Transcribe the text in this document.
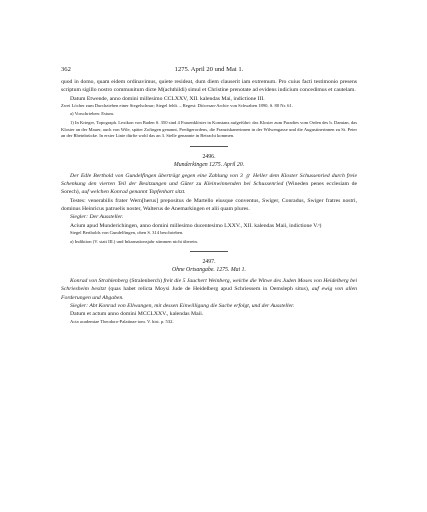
362	1275. April 20 und Mai 1.

quod in domo, quam eidem ordinavimus, quiete resideat, dum diem clauserit iam extremum. Pro cuius facti testimonio presens scriptum sigillo nostro communitum dicte M(achthildi) simul et Christine prenotate ad evidens indicium concedimus et cautelam.

Datum Etwende, anno domini millesimo CCLXXV, XII. kalendas Mai, indictione III.

Zwei Löcher zum Durchziehen einer Siegelschnur; Siegel fehlt. – Regest: Diöcesan-Archiv von Schwaben 1890, S. 80 Nr. 61.

a) Vorschrieben: Estum.

1) In Krieger, Topograph. Lexikon von Baden S. 350 sind 4 Frauenklöster in Konstanz aufgeführt: das Kloster zum Paradies vom Orden des h. Damian, das Kloster an der Mauer, auch von Wile, später Zofingen genannt, Predigerordens, die Franziskanerinnen in der Wilwengasse und die Augustinerinnen zu St. Peter an der Rheinbrücke. In erster Linie dürfte wohl das an 3. Stelle genannte in Betracht kommen.

2496.

Munderkingen 1275. April 20.

Der Edle Berthold von Gundelfingen überträgt gegen eine Zahlung von 3 ℊ Heller dem Kloster Schussenried durch freie Schenkung den vierten Teil der Besitzungen und Güter zu Kleinwinnenden bei Schussenried (Wineden penes ecclesiam de Sorech), auf welchen Konrad genannt Topfenhart sitzt.

Testes: venerabilis frater Wern[herus] prepositus de Martello eiusque conventus, Swiger, Conradus, Swiger fratres nostri, dominus Heinricus patruelis noster, Walterus de Anemarkingen et alii quam plures.

Siegler: Der Aussteller.

Acium apud Munderichingen, anno domini millesimo ducentesimo LXXV., XII. kalendas Maii, indictione V.ᵃ)

Siegel Bertholds von Gundelfingen, oben S. 314 beschrieben.

a) Indiktion (V. statt III.) und Inkarnationsjahr stimmen nicht überein.

2497.

Ohne Ortsangabe. 1275. Mai 1.

Konrad von Strahlenberg (Stralenberch) freit die 5 Jauchert Weinberg, welche die Witwe des Juden Moses von Heidelberg bei Schriesheim besitzt (quas habet relicta Moysi Jude de Heidelberg apud Schriessem in Oemsleph situs), auf ewig von allen Forderungen und Abgaben.

Siegler: Abt Konrad von Ellwangen, mit dessen Einwilligung die Sache erfolgt, und der Aussteller.

Datum et actum anno domini MCCLXXV., kalendas Maii.

Acta academiae Theodoro-Palatinae tom. V. hist. p. 532.
